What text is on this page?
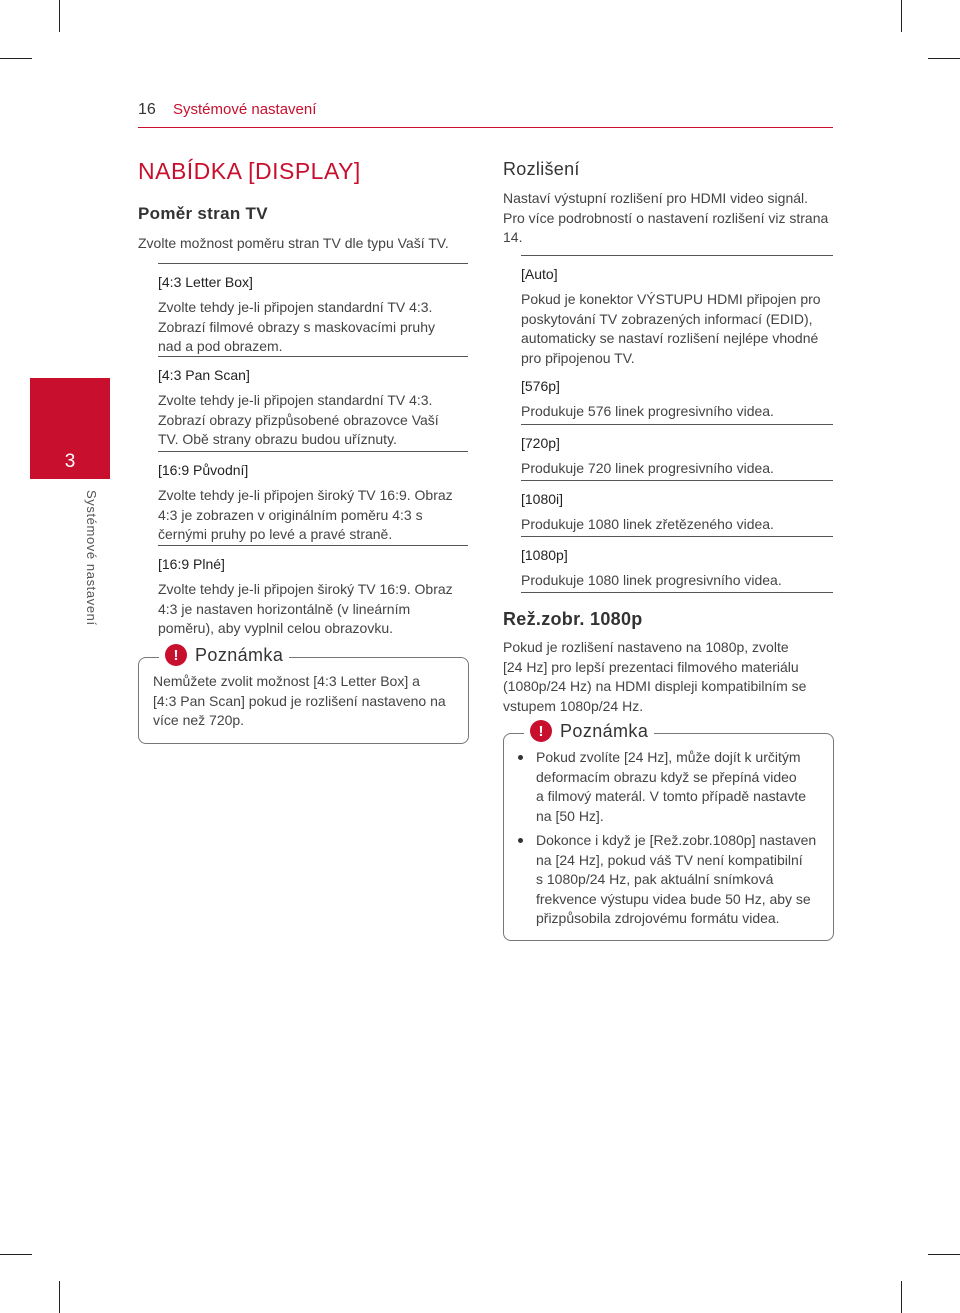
16 Systémové nastavení
3
Systémové nastavení
NABÍDKA [DISPLAY]
Poměr stran TV
Zvolte možnost poměru stran TV dle typu Vaší TV.
[4:3 Letter Box]
Zvolte tehdy je-li připojen standardní TV 4:3.
Zobrazí filmové obrazy s maskovacími pruhy
nad a pod obrazem.
[4:3 Pan Scan]
Zvolte tehdy je-li připojen standardní TV 4:3.
Zobrazí obrazy přizpůsobené obrazovce Vaší
TV. Obě strany obrazu budou uříznuty.
[16:9 Původní]
Zvolte tehdy je-li připojen široký TV 16:9. Obraz
4:3 je zobrazen v originálním poměru 4:3 s
černými pruhy po levé a pravé straně.
[16:9 Plné]
Zvolte tehdy je-li připojen široký TV 16:9. Obraz
4:3 je nastaven horizontálně (v lineárním
poměru), aby vyplnil celou obrazovku.
! Poznámka
Nemůžete zvolit možnost [4:3 Letter Box] a
[4:3 Pan Scan] pokud je rozlišení nastaveno na
více než 720p.
Rozlišení
Nastaví výstupní rozlišení pro HDMI video signál.
Pro více podrobností o nastavení rozlišení viz strana
14.
[Auto]
Pokud je konektor VÝSTUPU HDMI připojen pro
poskytování TV zobrazených informací (EDID),
automaticky se nastaví rozlišení nejlépe vhodné
pro připojenou TV.
[576p]
Produkuje 576 linek progresivního videa.
[720p]
Produkuje 720 linek progresivního videa.
[1080i]
Produkuje 1080 linek zřetězeného videa.
[1080p]
Produkuje 1080 linek progresivního videa.
Rež.zobr. 1080p
Pokud je rozlišení nastaveno na 1080p, zvolte
[24 Hz] pro lepší prezentaci filmového materiálu
(1080p/24 Hz) na HDMI displeji kompatibilním se
vstupem 1080p/24 Hz.
! Poznámka
Pokud zvolíte [24 Hz], může dojít k určitým
deformacím obrazu když se přepíná video
a filmový materál. V tomto případě nastavte
na [50 Hz].
Dokonce i když je [Rež.zobr.1080p] nastaven
na [24 Hz], pokud váš TV není kompatibilní
s 1080p/24 Hz, pak aktuální snímková
frekvence výstupu videa bude 50 Hz, aby se
přizpůsobila zdrojovému formátu videa.
